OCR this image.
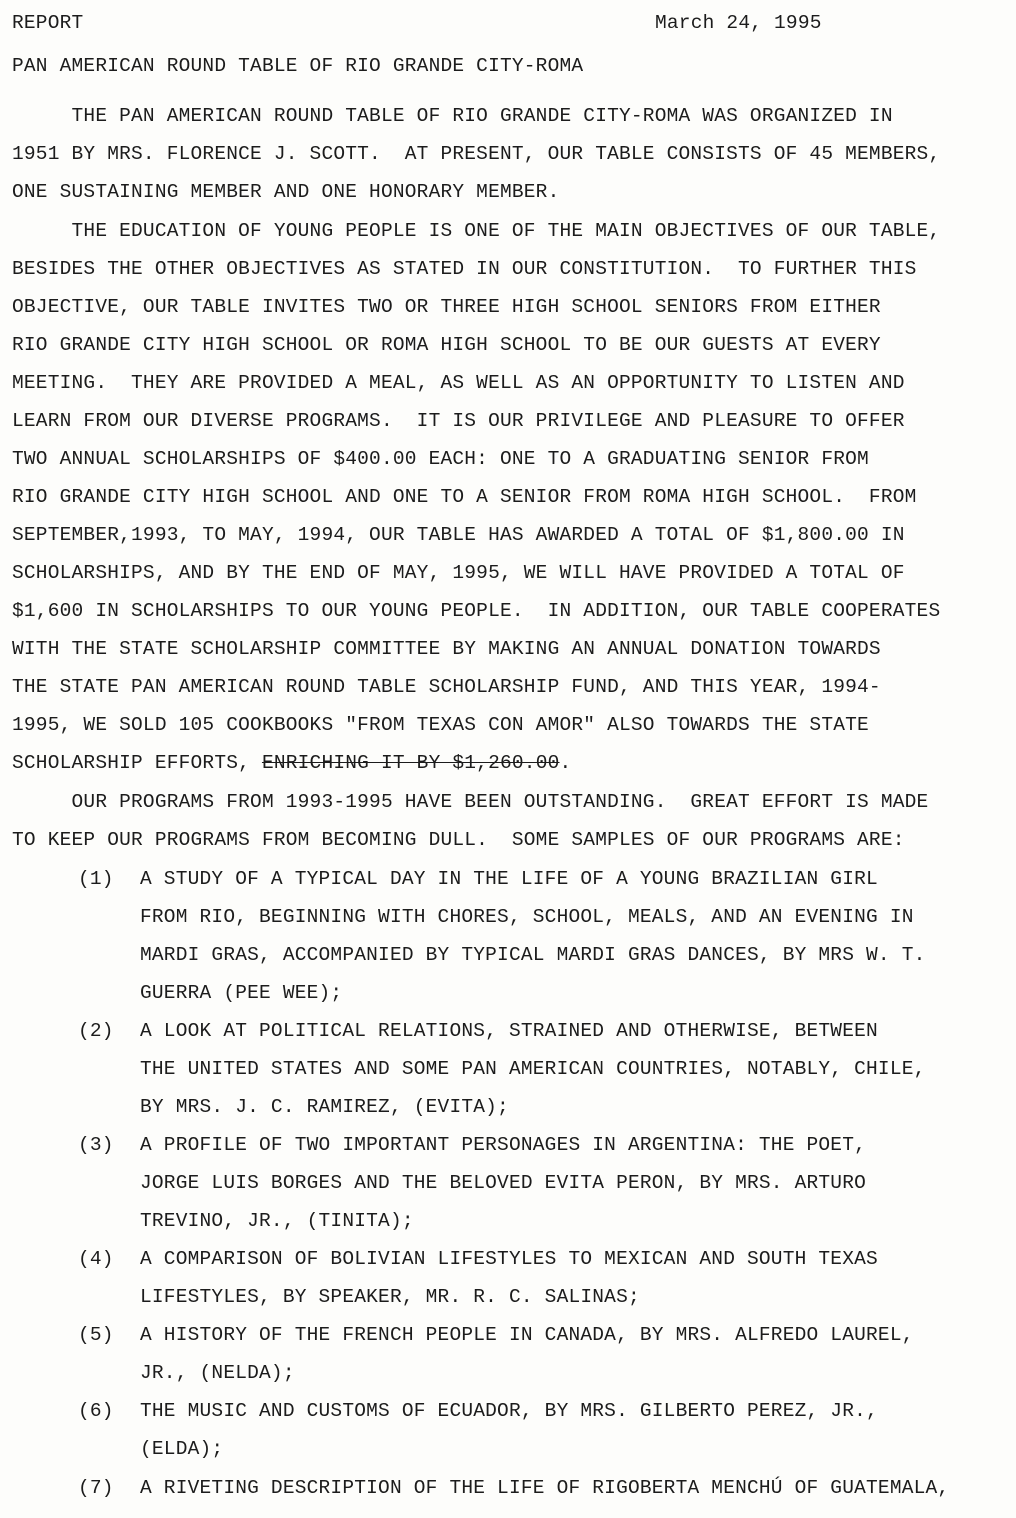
REPORT	March 24, 1995
PAN AMERICAN ROUND TABLE OF RIO GRANDE CITY-ROMA
THE PAN AMERICAN ROUND TABLE OF RIO GRANDE CITY-ROMA WAS ORGANIZED IN
1951 BY MRS. FLORENCE J. SCOTT.  AT PRESENT, OUR TABLE CONSISTS OF 45 MEMBERS,
ONE SUSTAINING MEMBER AND ONE HONORARY MEMBER.
THE EDUCATION OF YOUNG PEOPLE IS ONE OF THE MAIN OBJECTIVES OF OUR TABLE,
BESIDES THE OTHER OBJECTIVES AS STATED IN OUR CONSTITUTION.  TO FURTHER THIS
OBJECTIVE, OUR TABLE INVITES TWO OR THREE HIGH SCHOOL SENIORS FROM EITHER
RIO GRANDE CITY HIGH SCHOOL OR ROMA HIGH SCHOOL TO BE OUR GUESTS AT EVERY
MEETING.  THEY ARE PROVIDED A MEAL, AS WELL AS AN OPPORTUNITY TO LISTEN AND
LEARN FROM OUR DIVERSE PROGRAMS.  IT IS OUR PRIVILEGE AND PLEASURE TO OFFER
TWO ANNUAL SCHOLARSHIPS OF $400.00 EACH: ONE TO A GRADUATING SENIOR FROM
RIO GRANDE CITY HIGH SCHOOL AND ONE TO A SENIOR FROM ROMA HIGH SCHOOL.  FROM
SEPTEMBER,1993, TO MAY, 1994, OUR TABLE HAS AWARDED A TOTAL OF $1,800.00 IN
SCHOLARSHIPS, AND BY THE END OF MAY, 1995, WE WILL HAVE PROVIDED A TOTAL OF
$1,600 IN SCHOLARSHIPS TO OUR YOUNG PEOPLE.  IN ADDITION, OUR TABLE COOPERATES
WITH THE STATE SCHOLARSHIP COMMITTEE BY MAKING AN ANNUAL DONATION TOWARDS
THE STATE PAN AMERICAN ROUND TABLE SCHOLARSHIP FUND, AND THIS YEAR, 1994-
1995, WE SOLD 105 COOKBOOKS "FROM TEXAS CON AMOR" ALSO TOWARDS THE STATE
SCHOLARSHIP EFFORTS, ENRICHING IT BY $1,260.00.
OUR PROGRAMS FROM 1993-1995 HAVE BEEN OUTSTANDING.  GREAT EFFORT IS MADE
TO KEEP OUR PROGRAMS FROM BECOMING DULL.  SOME SAMPLES OF OUR PROGRAMS ARE:
(1) A STUDY OF A TYPICAL DAY IN THE LIFE OF A YOUNG BRAZILIAN GIRL
FROM RIO, BEGINNING WITH CHORES, SCHOOL, MEALS, AND AN EVENING IN
MARDI GRAS, ACCOMPANIED BY TYPICAL MARDI GRAS DANCES, BY MRS W. T.
GUERRA (PEE WEE);
(2) A LOOK AT POLITICAL RELATIONS, STRAINED AND OTHERWISE, BETWEEN
THE UNITED STATES AND SOME PAN AMERICAN COUNTRIES, NOTABLY, CHILE,
BY MRS. J. C. RAMIREZ, (EVITA);
(3) A PROFILE OF TWO IMPORTANT PERSONAGES IN ARGENTINA: THE POET,
JORGE LUIS BORGES AND THE BELOVED EVITA PERON, BY MRS. ARTURO
TREVINO, JR., (TINITA);
(4) A COMPARISON OF BOLIVIAN LIFESTYLES TO MEXICAN AND SOUTH TEXAS
LIFESTYLES, BY SPEAKER, MR. R. C. SALINAS;
(5) A HISTORY OF THE FRENCH PEOPLE IN CANADA, BY MRS. ALFREDO LAUREL,
JR., (NELDA);
(6) THE MUSIC AND CUSTOMS OF ECUADOR, BY MRS. GILBERTO PEREZ, JR.,
(ELDA);
(7) A RIVETING DESCRIPTION OF THE LIFE OF RIGOBERTA MENCHÚ OF GUATEMALA,
